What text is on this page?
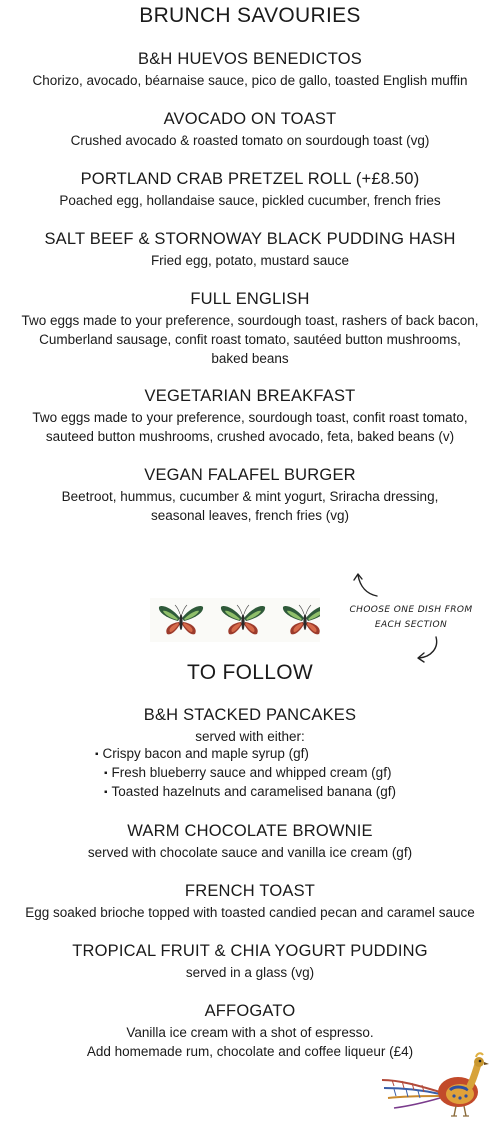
BRUNCH SAVOURIES
B&H HUEVOS BENEDICTOS
Chorizo, avocado, béarnaise sauce, pico de gallo, toasted English muffin
AVOCADO ON TOAST
Crushed avocado & roasted tomato on sourdough toast (vg)
PORTLAND CRAB PRETZEL ROLL (+£8.50)
Poached egg, hollandaise sauce, pickled cucumber, french fries
SALT BEEF & STORNOWAY BLACK PUDDING HASH
Fried egg, potato, mustard sauce
FULL ENGLISH
Two eggs made to your preference, sourdough toast, rashers of back bacon,
Cumberland sausage, confit roast tomato, sautéed button mushrooms,
baked beans
VEGETARIAN BREAKFAST
Two eggs made to your preference, sourdough toast, confit roast tomato,
sauteed button mushrooms, crushed avocado, feta, baked beans (v)
VEGAN FALAFEL BURGER
Beetroot, hummus, cucumber & mint yogurt, Sriracha dressing,
seasonal leaves, french fries (vg)
CHOOSE ONE DISH FROM
EACH SECTION
TO FOLLOW
B&H STACKED PANCAKES
served with either:
▪ Crispy bacon and maple syrup (gf)
▪ Fresh blueberry sauce and whipped cream (gf)
▪ Toasted hazelnuts and caramelised banana (gf)
WARM CHOCOLATE BROWNIE
served with chocolate sauce and vanilla ice cream (gf)
FRENCH TOAST
Egg soaked brioche topped with toasted candied pecan and caramel sauce
TROPICAL FRUIT & CHIA YOGURT PUDDING
served in a glass (vg)
AFFOGATO
Vanilla ice cream with a shot of espresso.
Add homemade rum, chocolate and coffee liqueur (£4)
